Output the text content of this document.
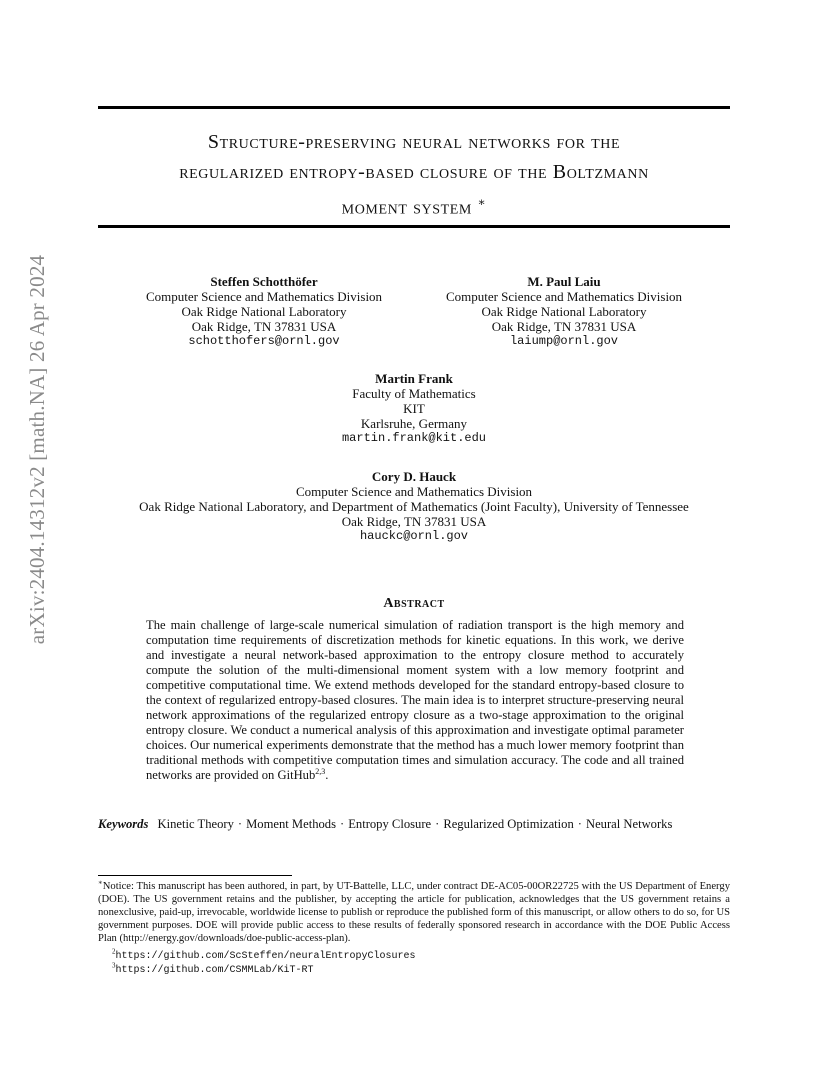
arXiv:2404.14312v2 [math.NA] 26 Apr 2024
Structure-preserving neural networks for the
regularized entropy-based closure of the Boltzmann
moment system ∗
Steffen Schotthöfer
Computer Science and Mathematics Division
Oak Ridge National Laboratory
Oak Ridge, TN 37831 USA
schotthofers@ornl.gov
M. Paul Laiu
Computer Science and Mathematics Division
Oak Ridge National Laboratory
Oak Ridge, TN 37831 USA
laiump@ornl.gov
Martin Frank
Faculty of Mathematics
KIT
Karlsruhe, Germany
martin.frank@kit.edu
Cory D. Hauck
Computer Science and Mathematics Division
Oak Ridge National Laboratory, and Department of Mathematics (Joint Faculty), University of Tennessee
Oak Ridge, TN 37831 USA
hauckc@ornl.gov
Abstract
The main challenge of large-scale numerical simulation of radiation transport is the high memory and computation time requirements of discretization methods for kinetic equations. In this work, we derive and investigate a neural network-based approximation to the entropy closure method to accurately compute the solution of the multi-dimensional moment system with a low memory footprint and competitive computational time. We extend methods developed for the standard entropy-based closure to the context of regularized entropy-based closures. The main idea is to interpret structure-preserving neural network approximations of the regularized entropy closure as a two-stage approximation to the original entropy closure. We conduct a numerical analysis of this approximation and investigate optimal parameter choices. Our numerical experiments demonstrate that the method has a much lower memory footprint than traditional methods with competitive computation times and simulation accuracy. The code and all trained networks are provided on GitHub$^{2,3}$.
Keywords Kinetic Theory · Moment Methods · Entropy Closure · Regularized Optimization · Neural Networks
∗Notice: This manuscript has been authored, in part, by UT-Battelle, LLC, under contract DE-AC05-00OR22725 with the US Department of Energy (DOE). The US government retains and the publisher, by accepting the article for publication, acknowledges that the US government retains a nonexclusive, paid-up, irrevocable, worldwide license to publish or reproduce the published form of this manuscript, or allow others to do so, for US government purposes. DOE will provide public access to these results of federally sponsored research in accordance with the DOE Public Access Plan (http://energy.gov/downloads/doe-public-access-plan).
$^2$https://github.com/ScSteffen/neuralEntropyClosures
$^3$https://github.com/CSMMLab/KiT-RT
